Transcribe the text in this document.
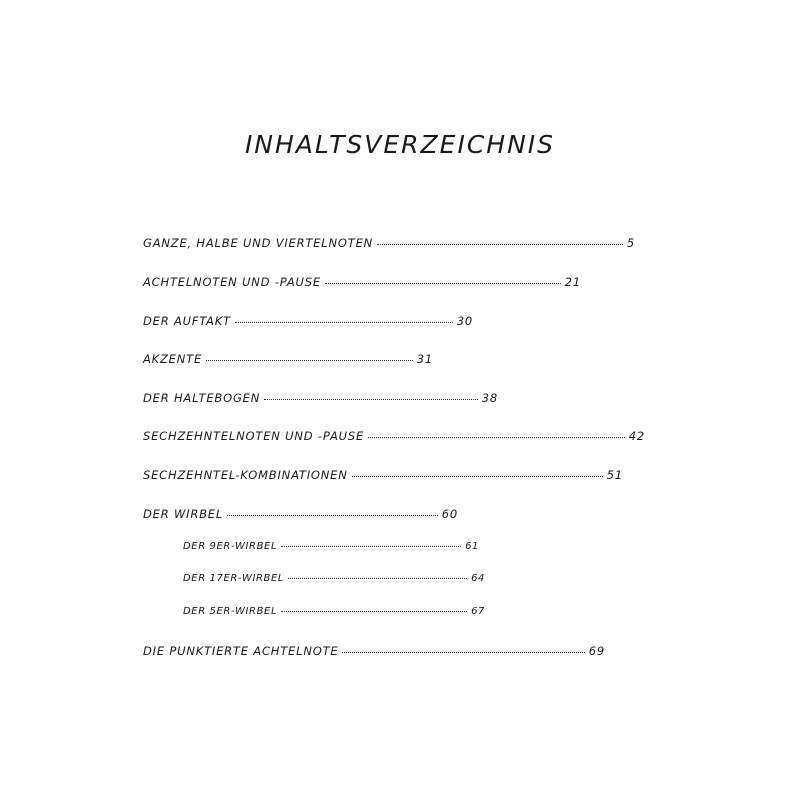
INHALTSVERZEICHNIS
GANZE, HALBE UND VIERTELNOTEN	5
ACHTELNOTEN UND -PAUSE	21
DER AUFTAKT	30
AKZENTE	31
DER HALTEBOGEN	38
SECHZEHNTELNOTEN UND -PAUSE	42
SECHZEHNTEL-KOMBINATIONEN	51
DER WIRBEL	60
DER 9ER-WIRBEL	61
DER 17ER-WIRBEL	64
DER 5ER-WIRBEL	67
DIE PUNKTIERTE ACHTELNOTE	69
